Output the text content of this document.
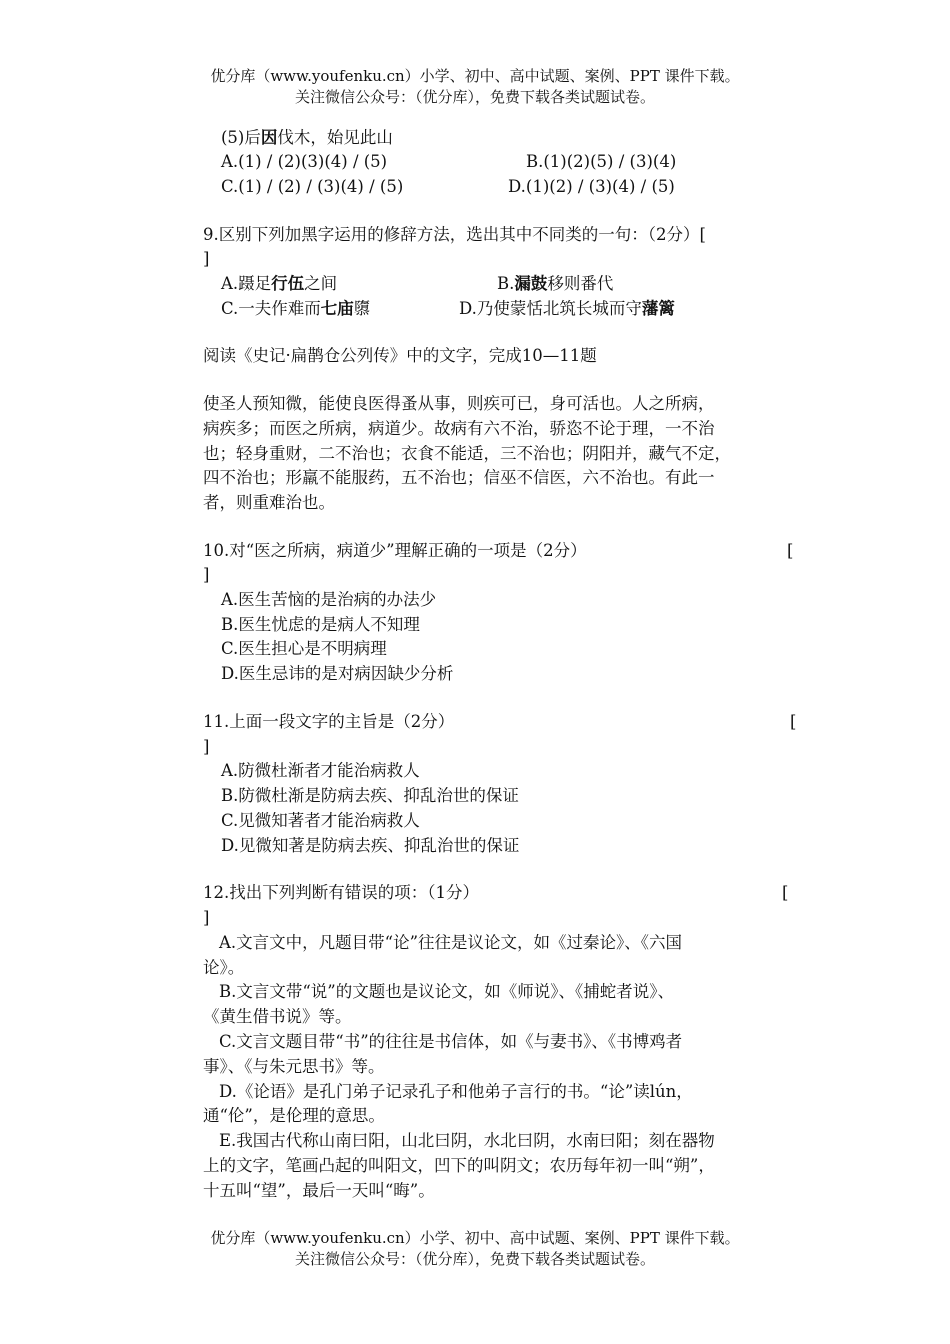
优分库（www.youfenku.cn）小学、初中、高中试题、案例、PPT 课件下载。
关注微信公众号：（优分库），免费下载各类试题试卷。
(5)后因伐木，始见此山
A.(1) / (2)(3)(4) / (5)	B.(1)(2)(5) / (3)(4)
C.(1) / (2) / (3)(4) / (5)	D.(1)(2) / (3)(4) / (5)
9.区别下列加黑字运用的修辞方法，选出其中不同类的一句：（2分）[
]
A.蹑足行伍之间	B.漏鼓移则番代
C.一夫作难而七庙隳	D.乃使蒙恬北筑长城而守藩篱
阅读《史记·扁鹊仓公列传》中的文字，完成10—11题
使圣人预知微，能使良医得蚤从事，则疾可已，身可活也。人之所病，
病疾多；而医之所病，病道少。故病有六不治，骄恣不论于理，一不治
也；轻身重财，二不治也；衣食不能适，三不治也；阴阳并，藏气不定，
四不治也；形羸不能服药，五不治也；信巫不信医，六不治也。有此一
者，则重难治也。
10.对“医之所病，病道少”理解正确的一项是（2分）	[
]
A.医生苦恼的是治病的办法少
B.医生忧虑的是病人不知理
C.医生担心是不明病理
D.医生忌讳的是对病因缺少分析
11.上面一段文字的主旨是（2分）	[
]
A.防微杜渐者才能治病救人
B.防微杜渐是防病去疾、抑乱治世的保证
C.见微知著者才能治病救人
D.见微知著是防病去疾、抑乱治世的保证
12.找出下列判断有错误的项：（1分）	[
]
A.文言文中，凡题目带“论”往往是议论文，如《过秦论》、《六国
论》。
B.文言文带“说”的文题也是议论文，如《师说》、《捕蛇者说》、
《黄生借书说》等。
C.文言文题目带“书”的往往是书信体，如《与妻书》、《书博鸡者
事》、《与朱元思书》等。
D.《论语》是孔门弟子记录孔子和他弟子言行的书。“论”读lún，
通“伦”，是伦理的意思。
E.我国古代称山南曰阳，山北曰阴，水北曰阴，水南曰阳；刻在器物
上的文字，笔画凸起的叫阳文，凹下的叫阴文；农历每年初一叫“朔”，
十五叫“望”，最后一天叫“晦”。
优分库（www.youfenku.cn）小学、初中、高中试题、案例、PPT 课件下载。
关注微信公众号：（优分库），免费下载各类试题试卷。
